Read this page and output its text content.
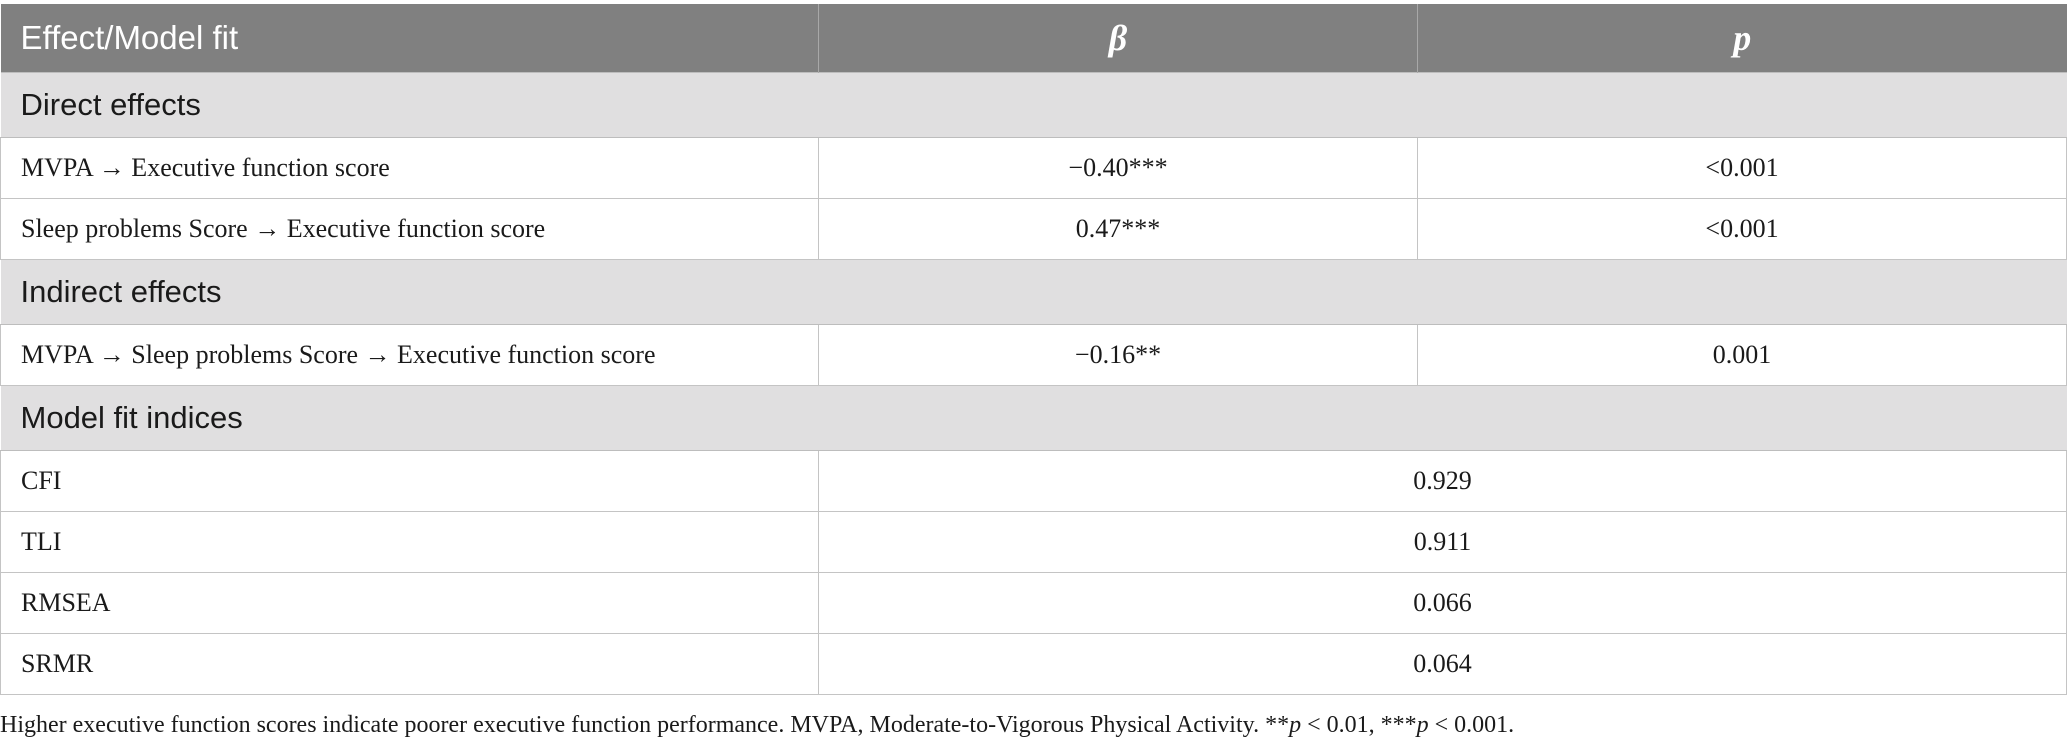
Effect/Model fit	β	p
Direct effects		
MVPA → Executive function score	−0.40***	<0.001
Sleep problems Score → Executive function score	0.47***	<0.001
Indirect effects		
MVPA → Sleep problems Score → Executive function score	−0.16**	0.001
Model fit indices		
CFI	0.929	
TLI	0.911	
RMSEA	0.066	
SRMR	0.064	
Higher executive function scores indicate poorer executive function performance. MVPA, Moderate-to-Vigorous Physical Activity. **p < 0.01, ***p < 0.001.
